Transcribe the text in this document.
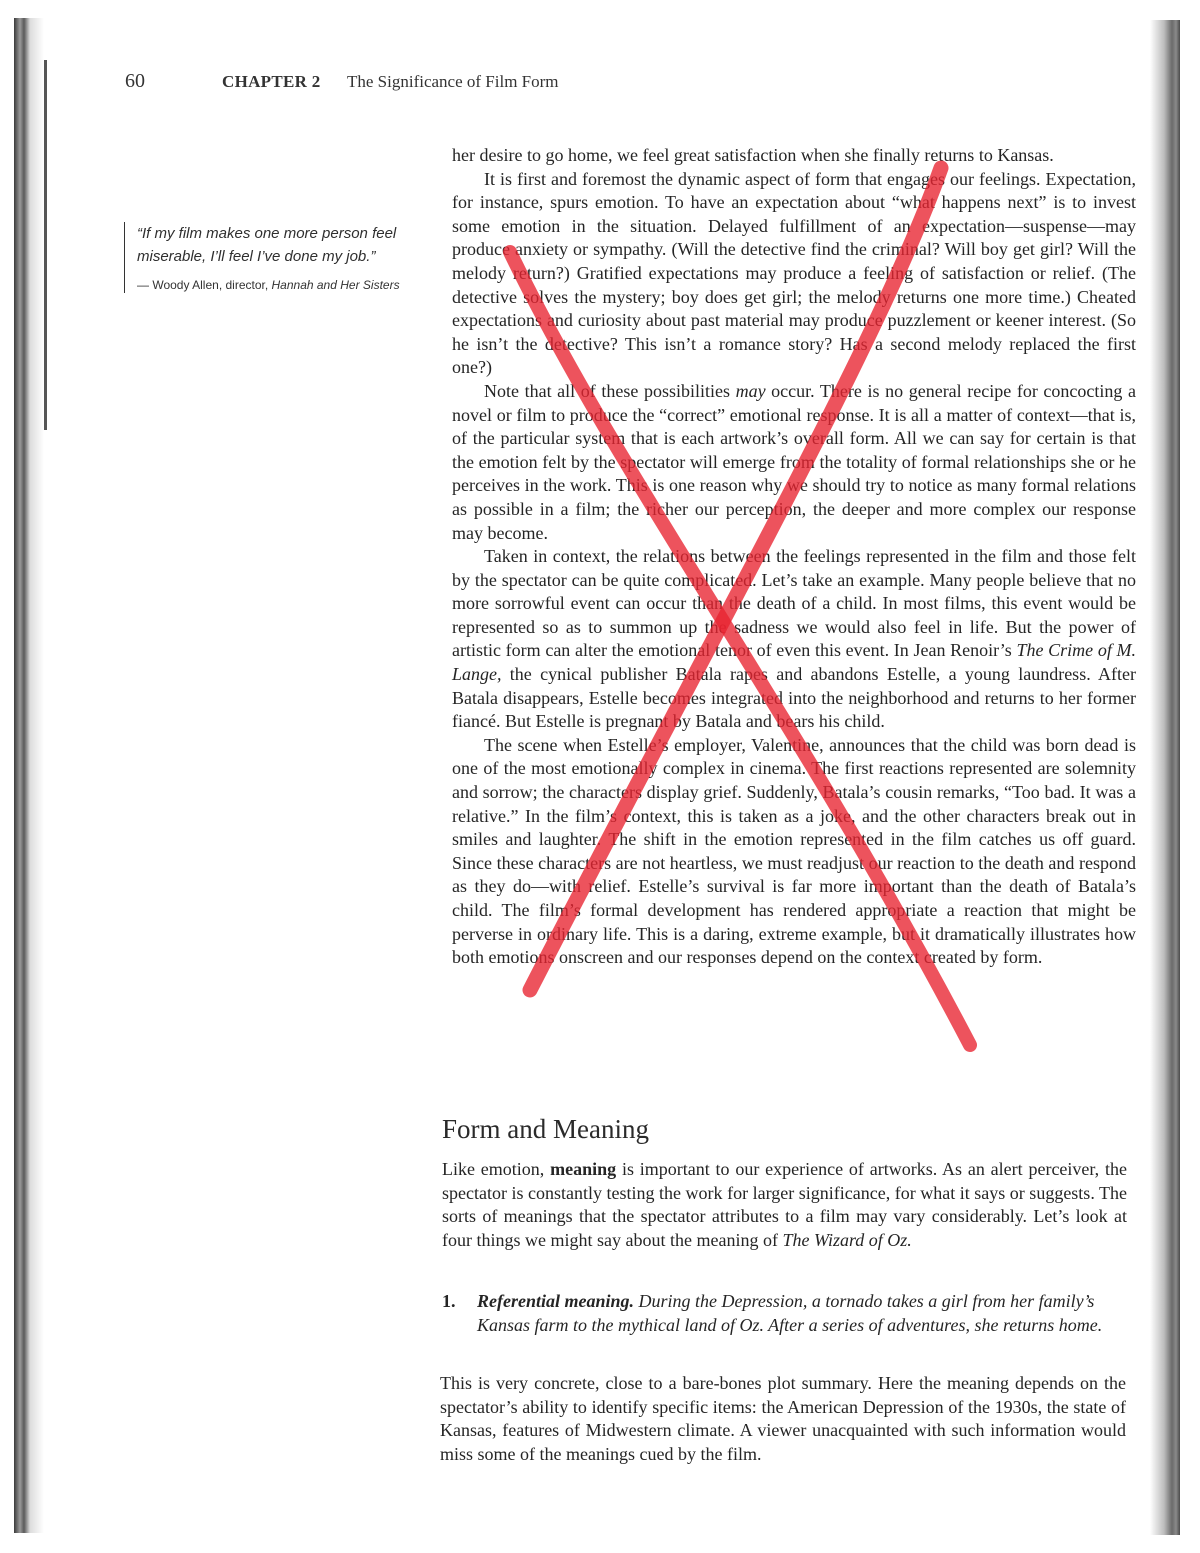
60	CHAPTER 2 The Significance of Film Form
“If my film makes one more person feel miserable, I’ll feel I’ve done my job.”
— Woody Allen, director, Hannah and Her Sisters

her desire to go home, we feel great satisfaction when she finally returns to Kansas.

It is first and foremost the dynamic aspect of form that engages our feelings. Expectation, for instance, spurs emotion. To have an expectation about “what happens next” is to invest some emotion in the situation. Delayed fulfillment of an expectation—suspense—may produce anxiety or sympathy. (Will the detective find the criminal? Will boy get girl? Will the melody return?) Gratified expectations may produce a feeling of satisfaction or relief. (The detective solves the mystery; boy does get girl; the melody returns one more time.) Cheated expectations and curiosity about past material may produce puzzlement or keener interest. (So he isn’t the detective? This isn’t a romance story? Has a second melody replaced the first one?)

Note that all of these possibilities may occur. There is no general recipe for concocting a novel or film to produce the “correct” emotional response. It is all a matter of context—that is, of the particular system that is each artwork’s overall form. All we can say for certain is that the emotion felt by the spectator will emerge from the totality of formal relationships she or he perceives in the work. This is one reason why we should try to notice as many formal relations as possible in a film; the richer our perception, the deeper and more complex our response may become.

Taken in context, the relations between the feelings represented in the film and those felt by the spectator can be quite complicated. Let’s take an example. Many people believe that no more sorrowful event can occur than the death of a child. In most films, this event would be represented so as to summon up the sadness we would also feel in life. But the power of artistic form can alter the emotional tenor of even this event. In Jean Renoir’s The Crime of M. Lange, the cynical publisher Batala rapes and abandons Estelle, a young laundress. After Batala disappears, Estelle becomes integrated into the neighborhood and returns to her former fiancé. But Estelle is pregnant by Batala and bears his child.

The scene when Estelle’s employer, Valentine, announces that the child was born dead is one of the most emotionally complex in cinema. The first reactions represented are solemnity and sorrow; the characters display grief. Suddenly, Batala’s cousin remarks, “Too bad. It was a relative.” In the film’s context, this is taken as a joke, and the other characters break out in smiles and laughter. The shift in the emotion represented in the film catches us off guard. Since these characters are not heartless, we must readjust our reaction to the death and respond as they do—with relief. Estelle’s survival is far more important than the death of Batala’s child. The film’s formal development has rendered appropriate a reaction that might be perverse in ordinary life. This is a daring, extreme example, but it dramatically illustrates how both emotions onscreen and our responses depend on the context created by form.

Form and Meaning

Like emotion, meaning is important to our experience of artworks. As an alert perceiver, the spectator is constantly testing the work for larger significance, for what it says or suggests. The sorts of meanings that the spectator attributes to a film may vary considerably. Let’s look at four things we might say about the meaning of The Wizard of Oz.

1. Referential meaning. During the Depression, a tornado takes a girl from her family’s Kansas farm to the mythical land of Oz. After a series of adventures, she returns home.

This is very concrete, close to a bare-bones plot summary. Here the meaning depends on the spectator’s ability to identify specific items: the American Depression of the 1930s, the state of Kansas, features of Midwestern climate. A viewer unacquainted with such information would miss some of the meanings cued by the film.
